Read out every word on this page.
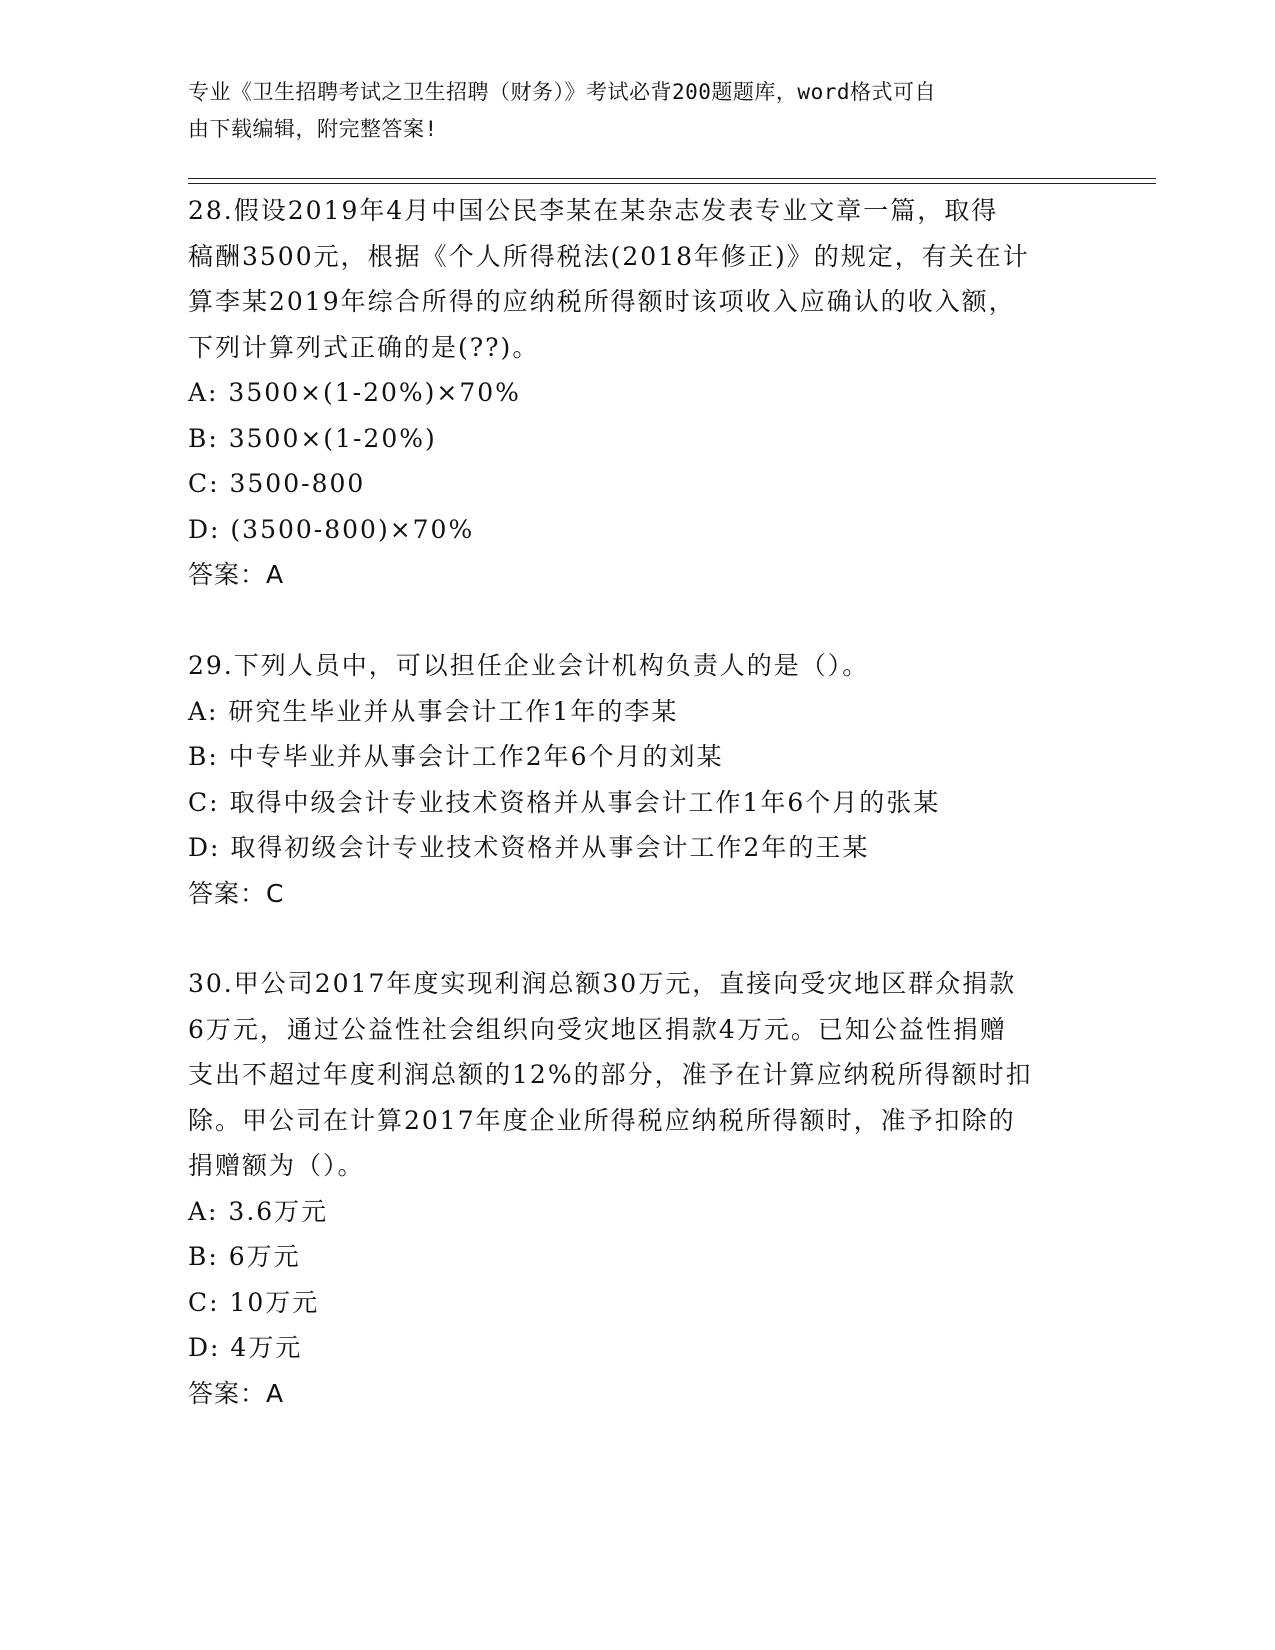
专业《卫生招聘考试之卫生招聘（财务）》考试必背200题题库，word格式可自
由下载编辑，附完整答案!
28.假设2019年4月中国公民李某在某杂志发表专业文章一篇，取得
稿酬3500元，根据《个人所得税法(2018年修正)》的规定，有关在计
算李某2019年综合所得的应纳税所得额时该项收入应确认的收入额，
下列计算列式正确的是(??)。
A: 3500×(1-20%)×70%
B: 3500×(1-20%)
C: 3500-800
D: (3500-800)×70%
答案：A
29.下列人员中，可以担任企业会计机构负责人的是（）。
A: 研究生毕业并从事会计工作1年的李某
B: 中专毕业并从事会计工作2年6个月的刘某
C: 取得中级会计专业技术资格并从事会计工作1年6个月的张某
D: 取得初级会计专业技术资格并从事会计工作2年的王某
答案：C
30.甲公司2017年度实现利润总额30万元，直接向受灾地区群众捐款
6万元，通过公益性社会组织向受灾地区捐款4万元。已知公益性捐赠
支出不超过年度利润总额的12%的部分，准予在计算应纳税所得额时扣
除。甲公司在计算2017年度企业所得税应纳税所得额时，准予扣除的
捐赠额为（）。
A: 3.6万元
B: 6万元
C: 10万元
D: 4万元
答案：A
